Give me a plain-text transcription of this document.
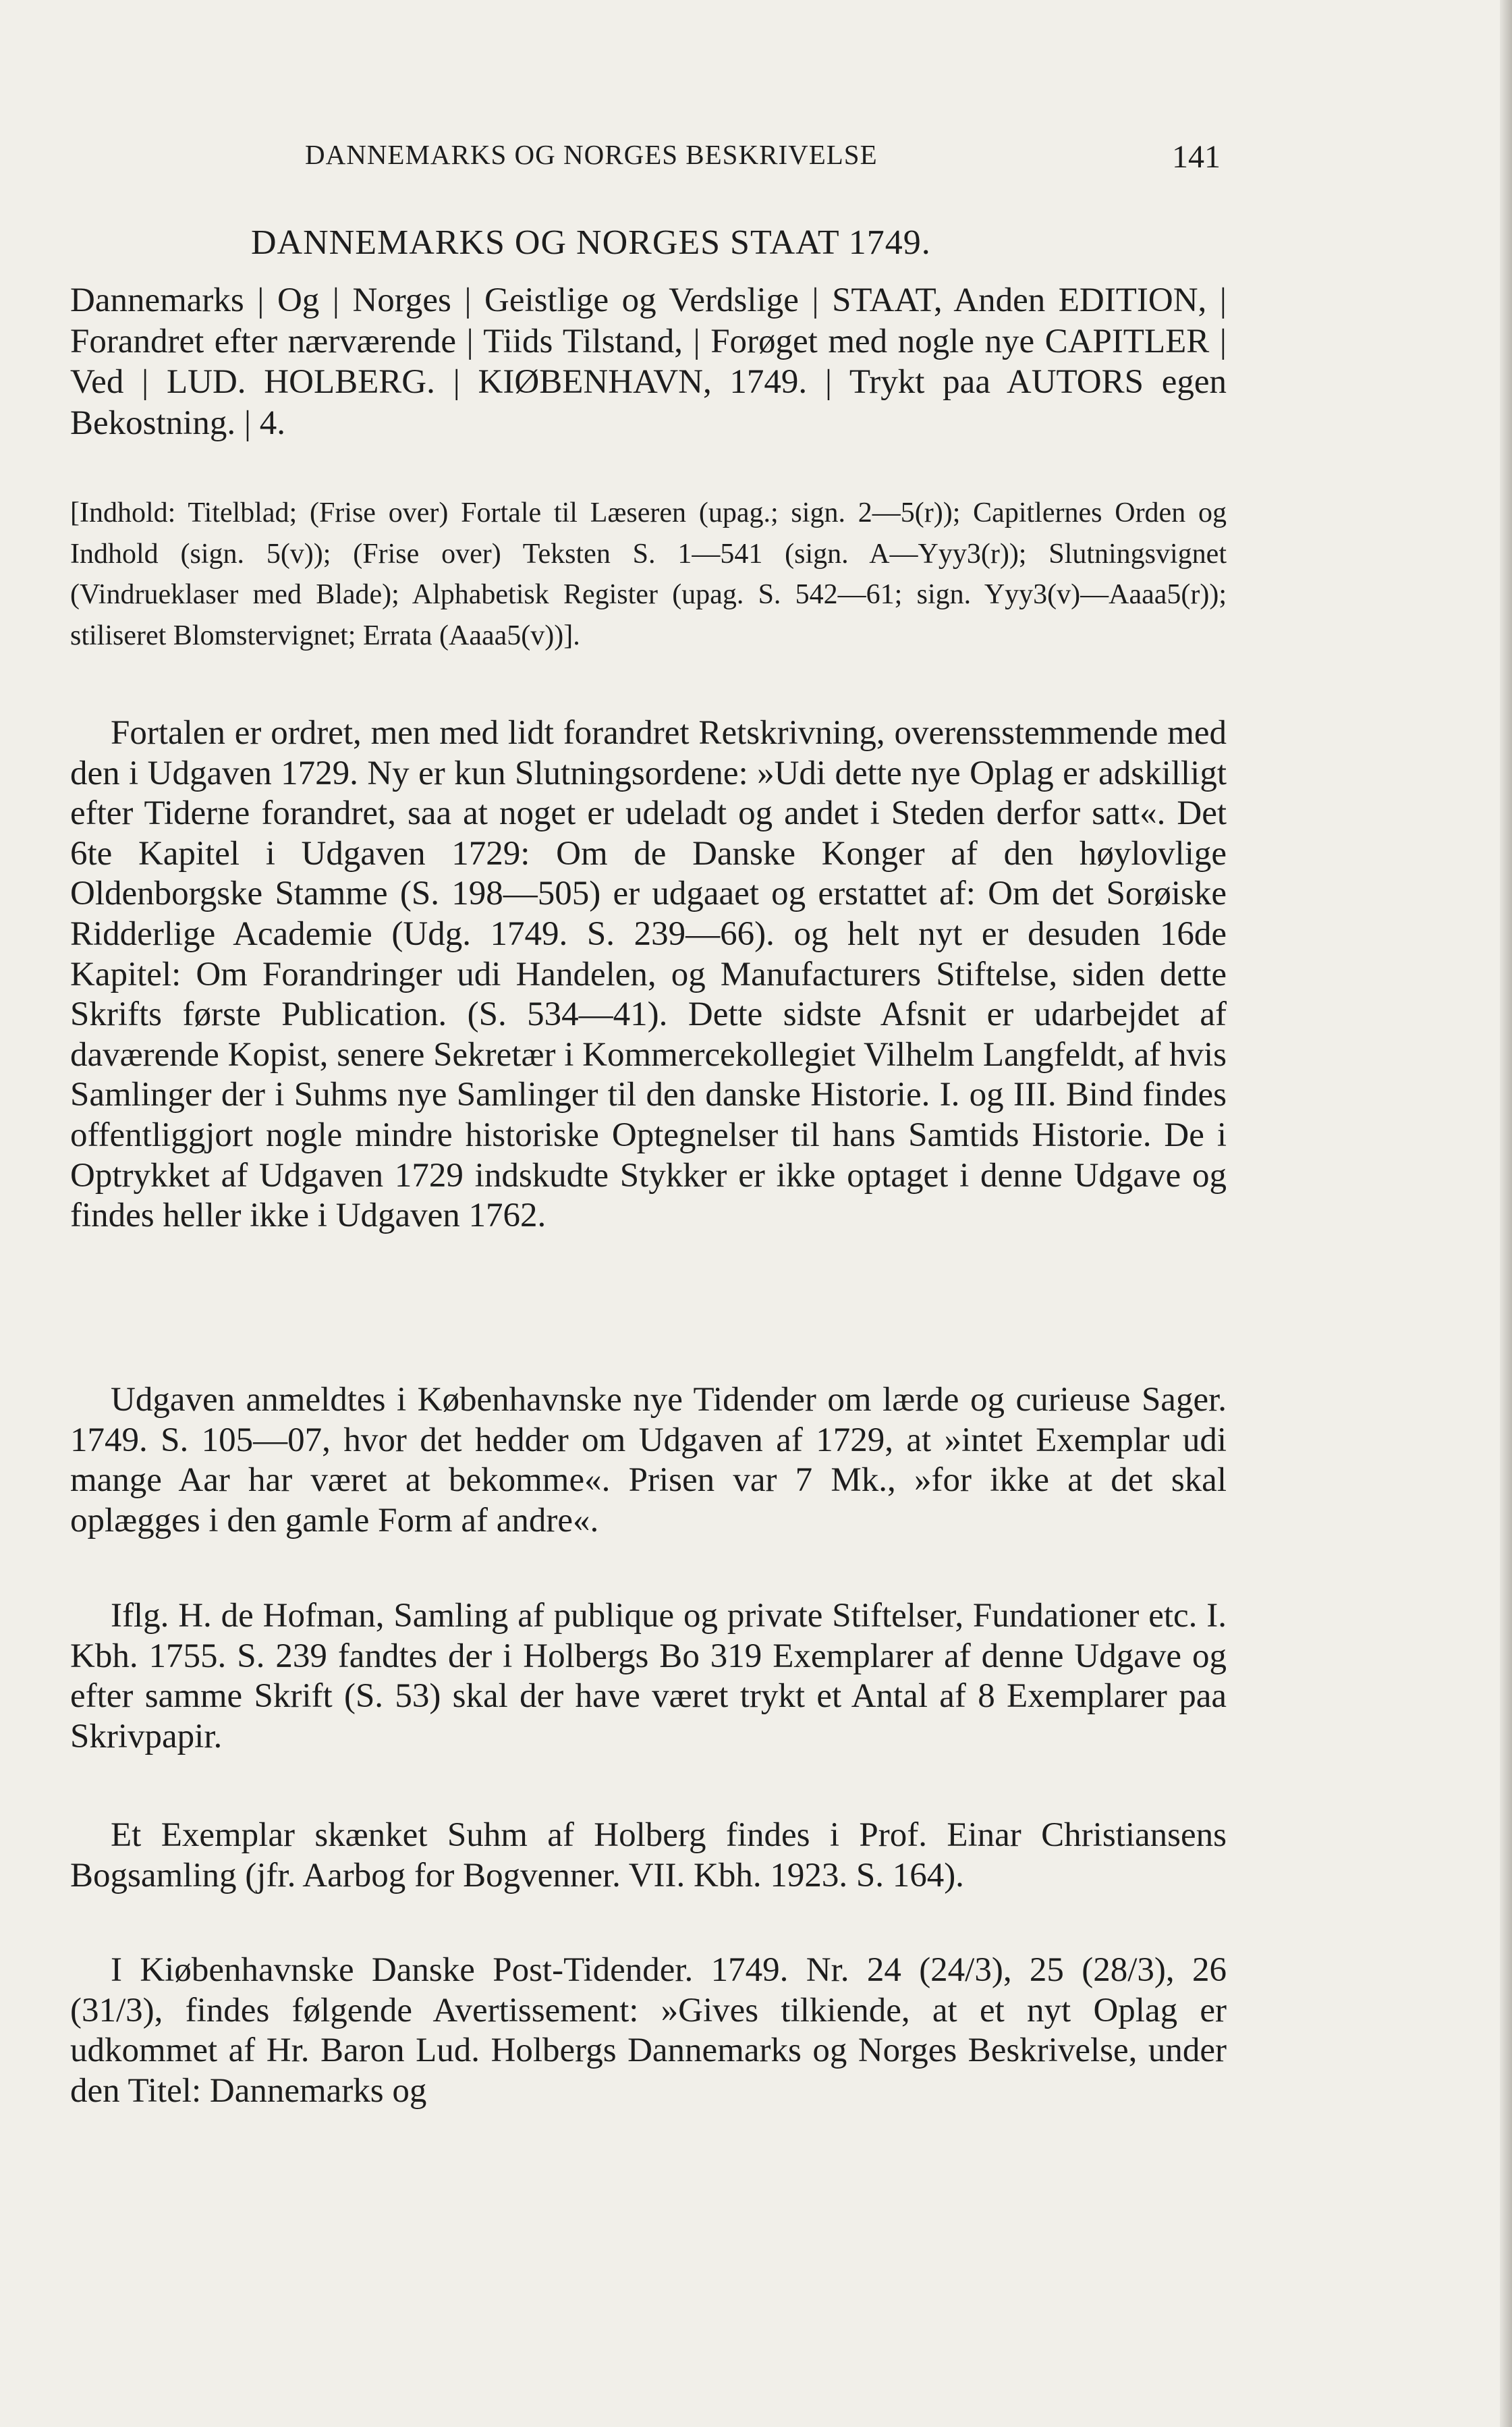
DANNEMARKS OG NORGES BESKRIVELSE	141
DANNEMARKS OG NORGES STAAT 1749.
Dannemarks | Og | Norges | Geistlige og Verdslige | STAAT, Anden EDITION, | Forandret efter nærværende | Tiids Tilstand, | Forøget med nogle nye CAPITLER | Ved | LUD. HOLBERG. | KIØBENHAVN, 1749. | Trykt paa AUTORS egen Bekostning. | 4.
[Indhold: Titelblad; (Frise over) Fortale til Læseren (upag.; sign. 2—5(r)); Capitlernes Orden og Indhold (sign. 5(v)); (Frise over) Teksten S. 1—541 (sign. A—Yyy3(r)); Slutningsvignet (Vindrueklaser med Blade); Alphabetisk Register (upag. S. 542—61; sign. Yyy3(v)—Aaaa5(r)); stiliseret Blomstervignet; Errata (Aaaa5(v))].
Fortalen er ordret, men med lidt forandret Retskrivning, overensstemmende med den i Udgaven 1729. Ny er kun Slutningsordene: »Udi dette nye Oplag er adskilligt efter Tiderne forandret, saa at noget er udeladt og andet i Steden derfor satt«. Det 6te Kapitel i Udgaven 1729: Om de Danske Konger af den høylovlige Oldenborgske Stamme (S. 198—505) er udgaaet og erstattet af: Om det Sorøiske Ridderlige Academie (Udg. 1749. S. 239—66). og helt nyt er desuden 16de Kapitel: Om Forandringer udi Handelen, og Manufacturers Stiftelse, siden dette Skrifts første Publication. (S. 534—41). Dette sidste Afsnit er udarbejdet af daværende Kopist, senere Sekretær i Kommercekollegiet Vilhelm Langfeldt, af hvis Samlinger der i Suhms nye Samlinger til den danske Historie. I. og III. Bind findes offentliggjort nogle mindre historiske Optegnelser til hans Samtids Historie. De i Optrykket af Udgaven 1729 indskudte Stykker er ikke optaget i denne Udgave og findes heller ikke i Udgaven 1762.
Udgaven anmeldtes i Københavnske nye Tidender om lærde og curieuse Sager. 1749. S. 105—07, hvor det hedder om Udgaven af 1729, at »intet Exemplar udi mange Aar har været at bekomme«. Prisen var 7 Mk., »for ikke at det skal oplægges i den gamle Form af andre«.
Iflg. H. de Hofman, Samling af publique og private Stiftelser, Fundationer etc. I. Kbh. 1755. S. 239 fandtes der i Holbergs Bo 319 Exemplarer af denne Udgave og efter samme Skrift (S. 53) skal der have været trykt et Antal af 8 Exemplarer paa Skrivpapir.
Et Exemplar skænket Suhm af Holberg findes i Prof. Einar Christiansens Bogsamling (jfr. Aarbog for Bogvenner. VII. Kbh. 1923. S. 164).
I Kiøbenhavnske Danske Post-Tidender. 1749. Nr. 24 (24/3), 25 (28/3), 26 (31/3), findes følgende Avertissement: »Gives tilkiende, at et nyt Oplag er udkommet af Hr. Baron Lud. Holbergs Dannemarks og Norges Beskrivelse, under den Titel: Dannemarks og
